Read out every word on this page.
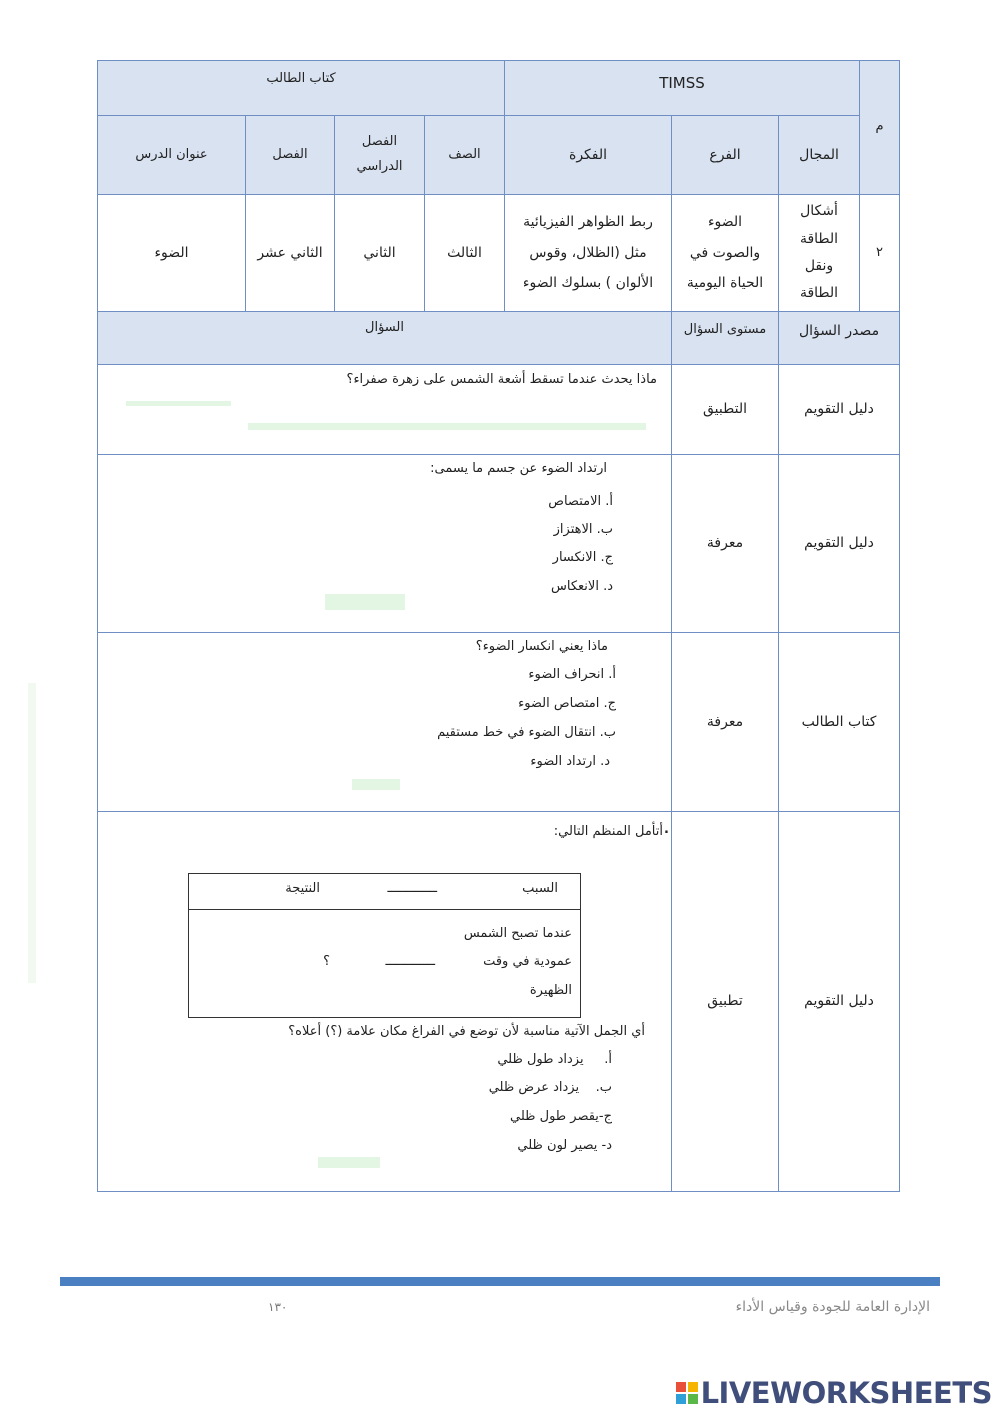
م
TIMSS
كتاب الطالب
المجال
الفرع
الفكرة
الصف
الفصل
الدراسي
الفصل
عنوان الدرس
٢
أشكال
الطاقة
ونقل
الطاقة
الضوء
والصوت في
الحياة اليومية
ربط الظواهر الفيزيائية
مثل (الظلال، وقوس
الألوان ) بسلوك الضوء
الثالث
الثاني
الثاني عشر
الضوء
مصدر السؤال
مستوى السؤال
السؤال
دليل التقويم
التطبيق
ماذا يحدث عندما تسقط أشعة الشمس على زهرة صفراء؟
دليل التقويم
معرفة
ارتداد الضوء عن جسم ما يسمى:
أ. الامتصاص
ب. الاهتزاز
ج. الانكسار
د. الانعكاس
كتاب الطالب
معرفة
ماذا يعني انكسار الضوء؟
أ. انحراف الضوء
ج. امتصاص الضوء
ب. انتقال الضوء في خط مستقيم
د. ارتداد الضوء
دليل التقويم
تطبيق
.
أتأمل المنظم التالي:
السبب
ـــــــــــــ
النتيجة
عندما تصبح الشمس
عمودية في وقت
الظهيرة
ـــــــــــــ
؟
أي الجمل الآتية مناسبة لأن توضع في الفراغ مكان علامة (؟) أعلاه؟
أ.     يزداد طول ظلي
ب.    يزداد عرض ظلي
ج-يقصر طول ظلي
د- يصير لون ظلي
١٣٠	الإدارة العامة للجودة وقياس الأداء
LIVEWORKSHEETS
